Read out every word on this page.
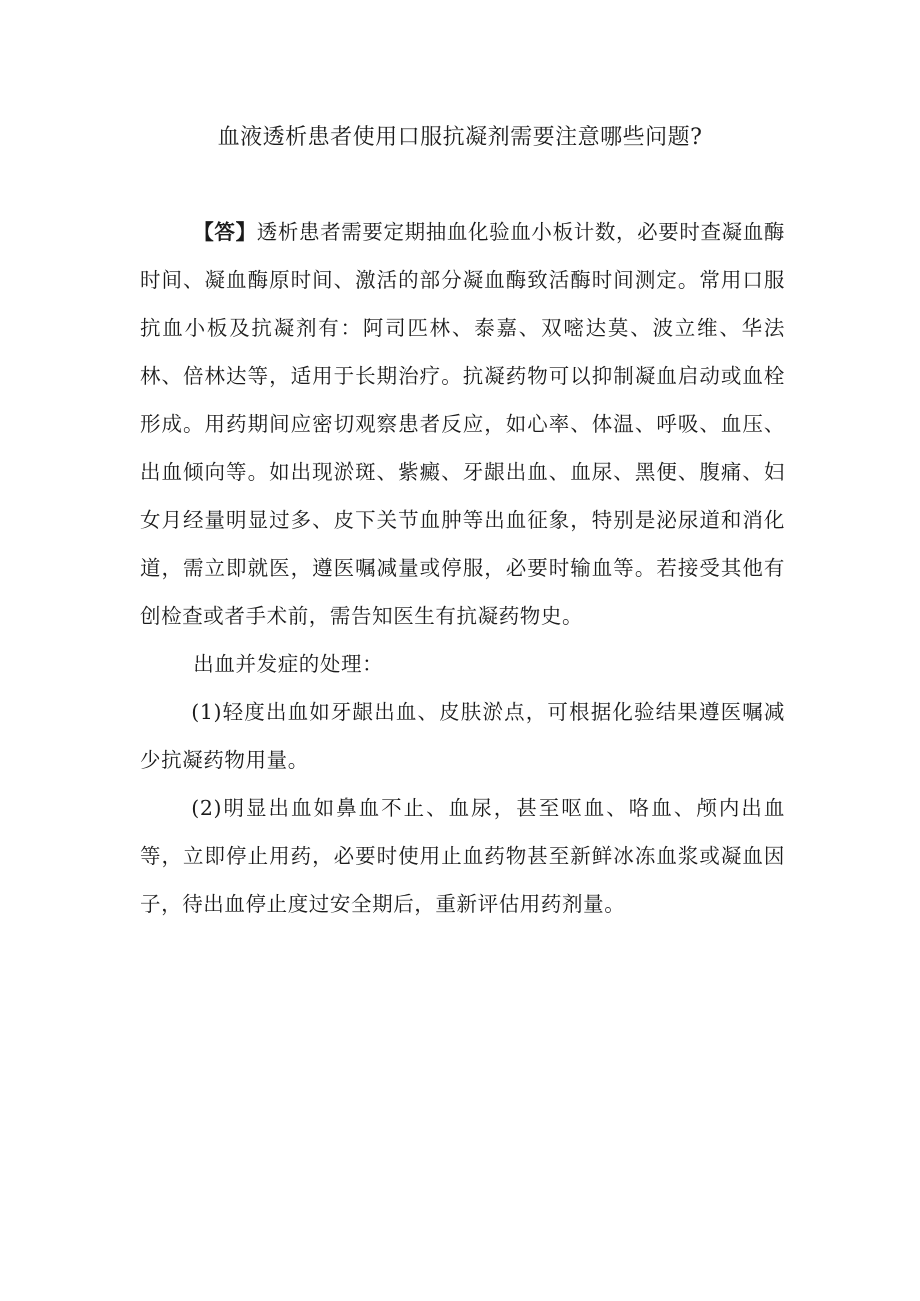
血液透析患者使用口服抗凝剂需要注意哪些问题?

【答】透析患者需要定期抽血化验血小板计数，必要时查凝血酶时间、凝血酶原时间、激活的部分凝血酶致活酶时间测定。常用口服抗血小板及抗凝剂有：阿司匹林、泰嘉、双嘧达莫、波立维、华法林、倍林达等，适用于长期治疗。抗凝药物可以抑制凝血启动或血栓形成。用药期间应密切观察患者反应，如心率、体温、呼吸、血压、出血倾向等。如出现淤斑、紫癜、牙龈出血、血尿、黑便、腹痛、妇女月经量明显过多、皮下关节血肿等出血征象，特别是泌尿道和消化道，需立即就医，遵医嘱减量或停服，必要时输血等。若接受其他有创检查或者手术前，需告知医生有抗凝药物史。

出血并发症的处理：

(1)轻度出血如牙龈出血、皮肤淤点，可根据化验结果遵医嘱减少抗凝药物用量。

(2)明显出血如鼻血不止、血尿，甚至呕血、咯血、颅内出血等，立即停止用药，必要时使用止血药物甚至新鲜冰冻血浆或凝血因子，待出血停止度过安全期后，重新评估用药剂量。
